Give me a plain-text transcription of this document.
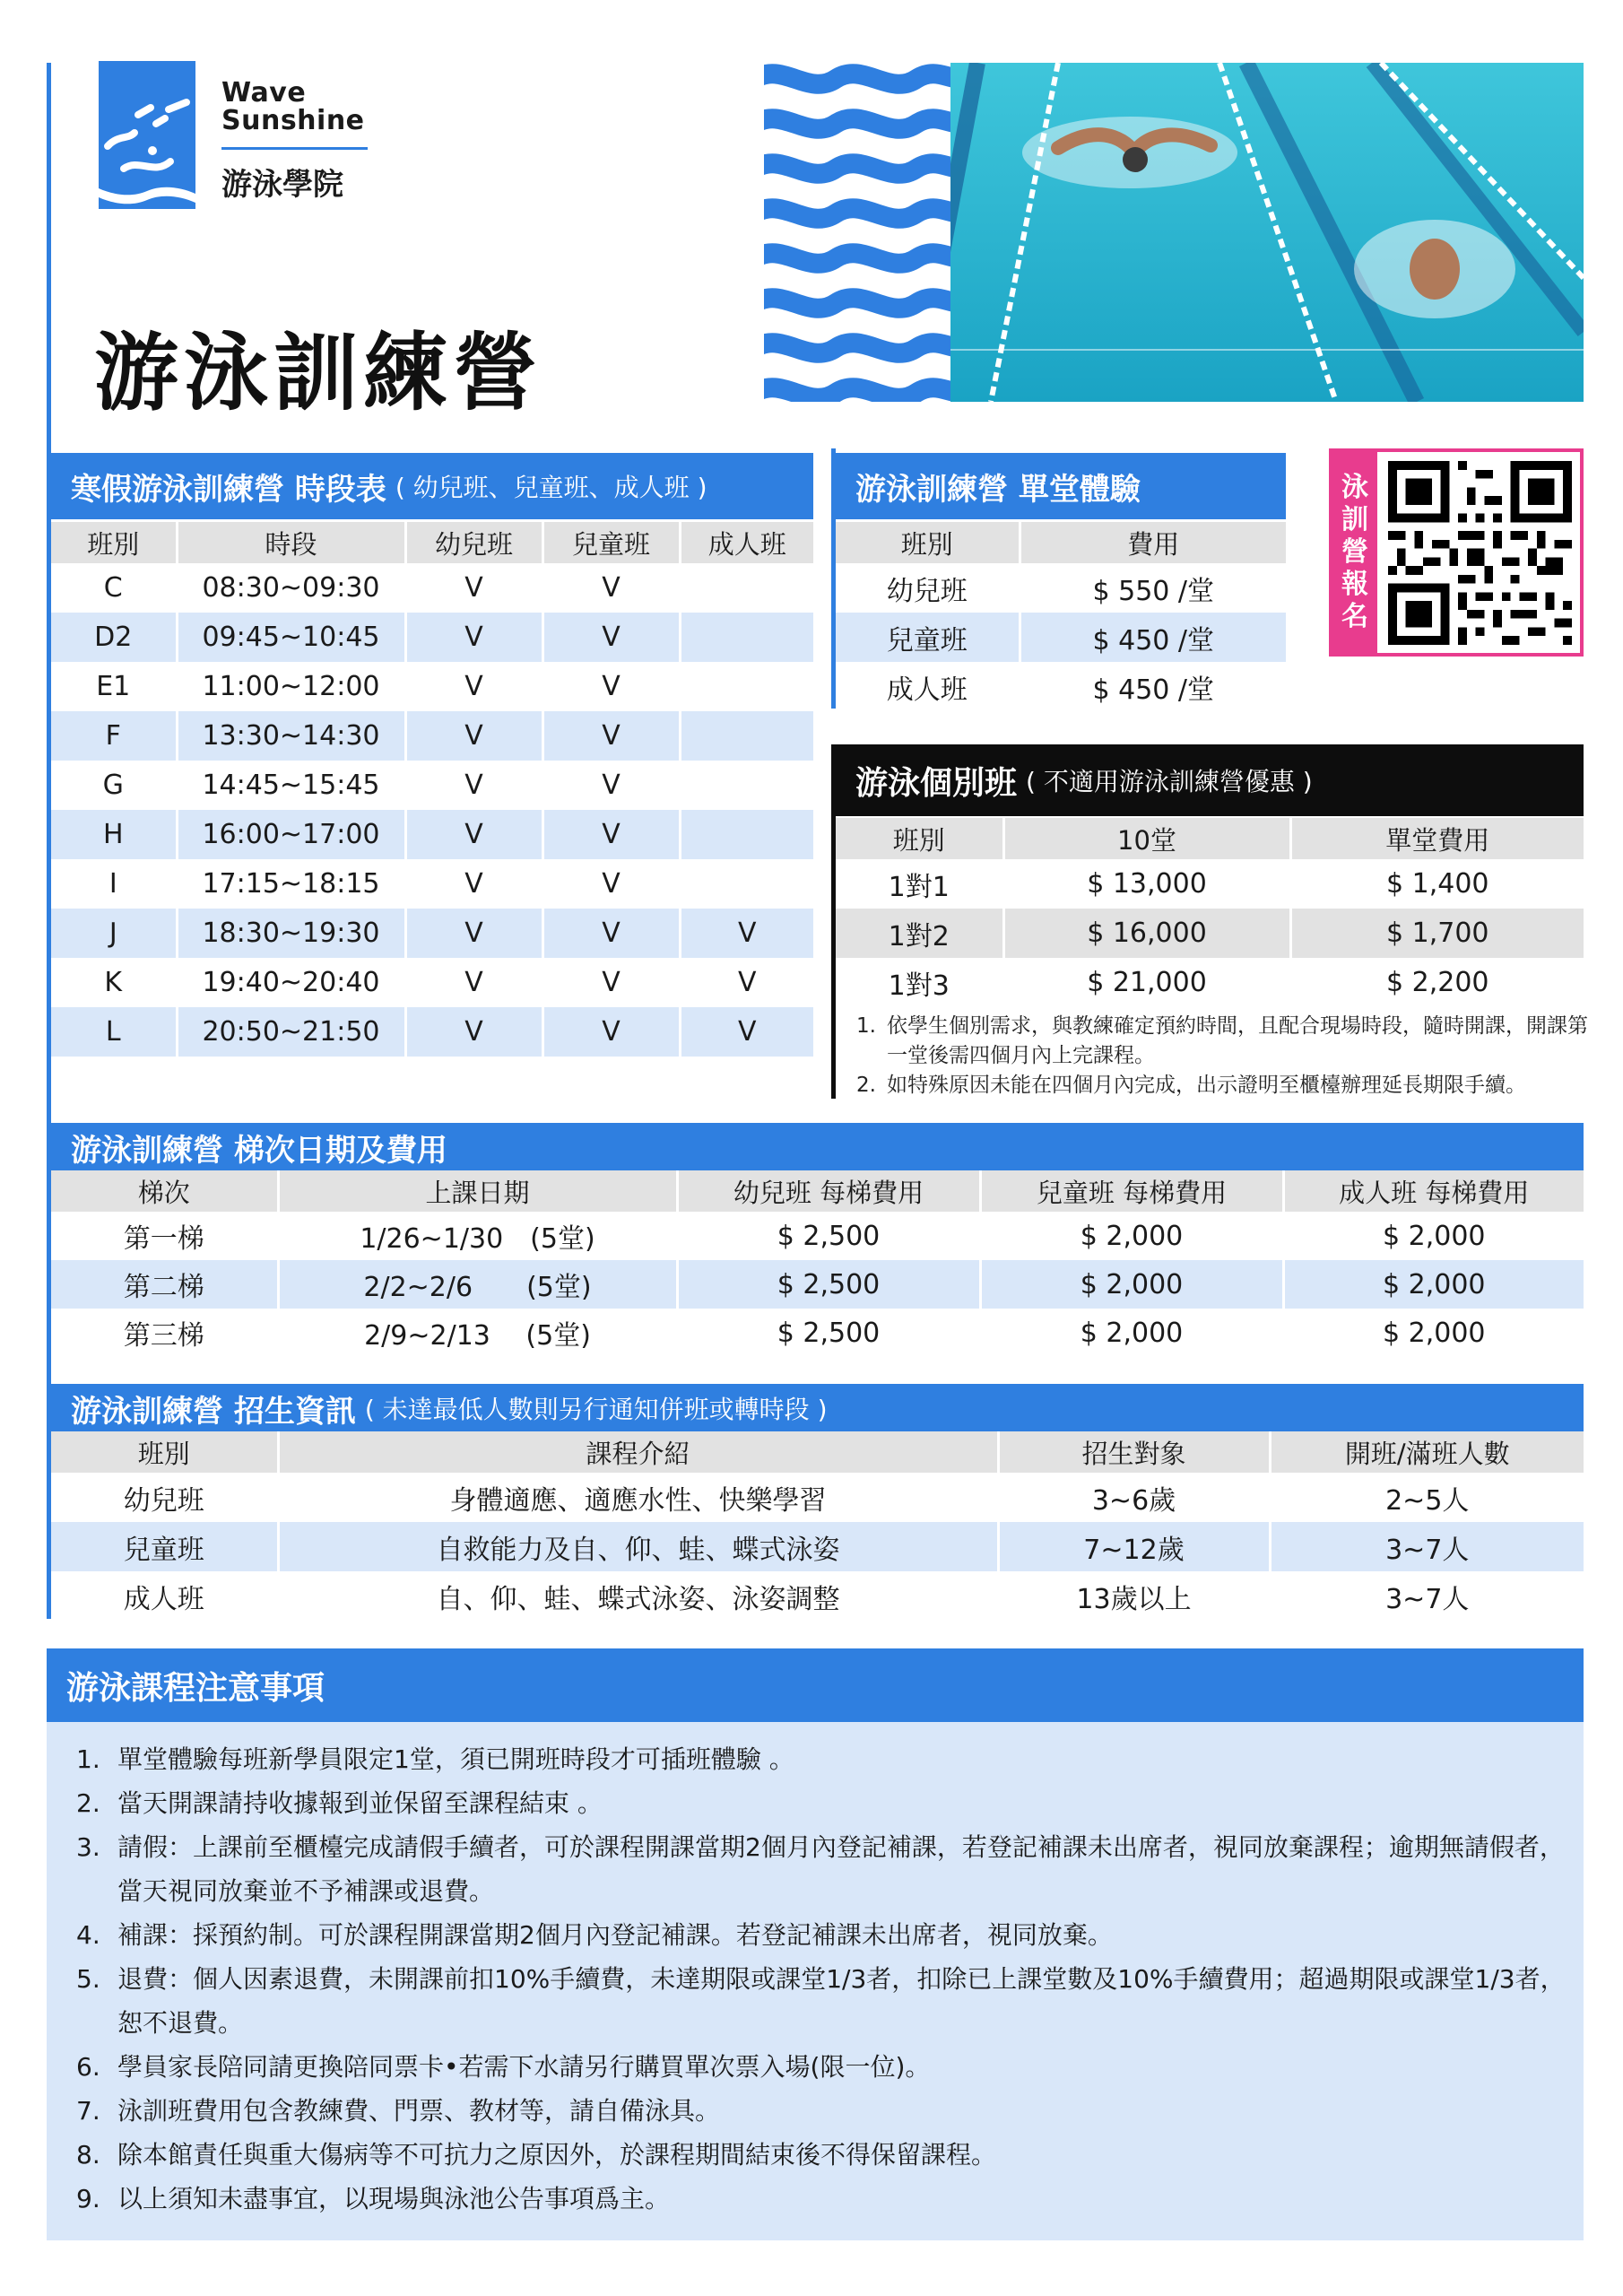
Wave
Sunshine
游泳學院
游泳訓練營
寒假游泳訓練營 時段表 ( 幼兒班、兒童班、成人班 )
班別	時段	幼兒班	兒童班	成人班
C	08:30~09:30	V	V	
D2	09:45~10:45	V	V	
E1	11:00~12:00	V	V	
F	13:30~14:30	V	V	
G	14:45~15:45	V	V	
H	16:00~17:00	V	V	
I	17:15~18:15	V	V	
J	18:30~19:30	V	V	V
K	19:40~20:40	V	V	V
L	20:50~21:50	V	V	V
游泳訓練營 單堂體驗
班別	費用
幼兒班	$ 550 /堂
兒童班	$ 450 /堂
成人班	$ 450 /堂
泳
訓
營
報
名
游泳個別班 ( 不適用游泳訓練營優惠 )
班別	10堂	單堂費用
1對1	$ 13,000	$ 1,400
1對2	$ 16,000	$ 1,700
1對3	$ 21,000	$ 2,200
1. 依學生個別需求，與教練確定預約時間，且配合現場時段，隨時開課，開課第一堂後需四個月內上完課程。
2. 如特殊原因未能在四個月內完成，出示證明至櫃檯辦理延長期限手續。
游泳訓練營 梯次日期及費用
梯次	上課日期	幼兒班 每梯費用	兒童班 每梯費用	成人班 每梯費用
第一梯	1/26~1/30　(5堂)	$ 2,500	$ 2,000	$ 2,000
第二梯	2/2~2/6　　(5堂)	$ 2,500	$ 2,000	$ 2,000
第三梯	2/9~2/13　 (5堂)	$ 2,500	$ 2,000	$ 2,000
游泳訓練營 招生資訊 ( 未達最低人數則另行通知併班或轉時段 )
班別	課程介紹	招生對象	開班/滿班人數
幼兒班	身體適應、適應水性、快樂學習	3~6歲	2~5人
兒童班	自救能力及自、仰、蛙、蝶式泳姿	7~12歲	3~7人
成人班	自、仰、蛙、蝶式泳姿、泳姿調整	13歲以上	3~7人
游泳課程注意事項
1. 單堂體驗每班新學員限定1堂，須已開班時段才可插班體驗 。
2. 當天開課請持收據報到並保留至課程結束 。
3. 請假：上課前至櫃檯完成請假手續者，可於課程開課當期2個月內登記補課，若登記補課未出席者，視同放棄課程；逾期無請假者，當天視同放棄並不予補課或退費。
4. 補課：採預約制。可於課程開課當期2個月內登記補課。若登記補課未出席者，視同放棄。
5. 退費：個人因素退費，未開課前扣10%手續費，未達期限或課堂1/3者，扣除已上課堂數及10%手續費用；超過期限或課堂1/3者，恕不退費。
6. 學員家長陪同請更換陪同票卡•若需下水請另行購買單次票入場(限一位)。
7. 泳訓班費用包含教練費、門票、教材等，請自備泳具。
8. 除本館責任與重大傷病等不可抗力之原因外，於課程期間結束後不得保留課程。
9. 以上須知未盡事宜，以現場與泳池公告事項爲主。
